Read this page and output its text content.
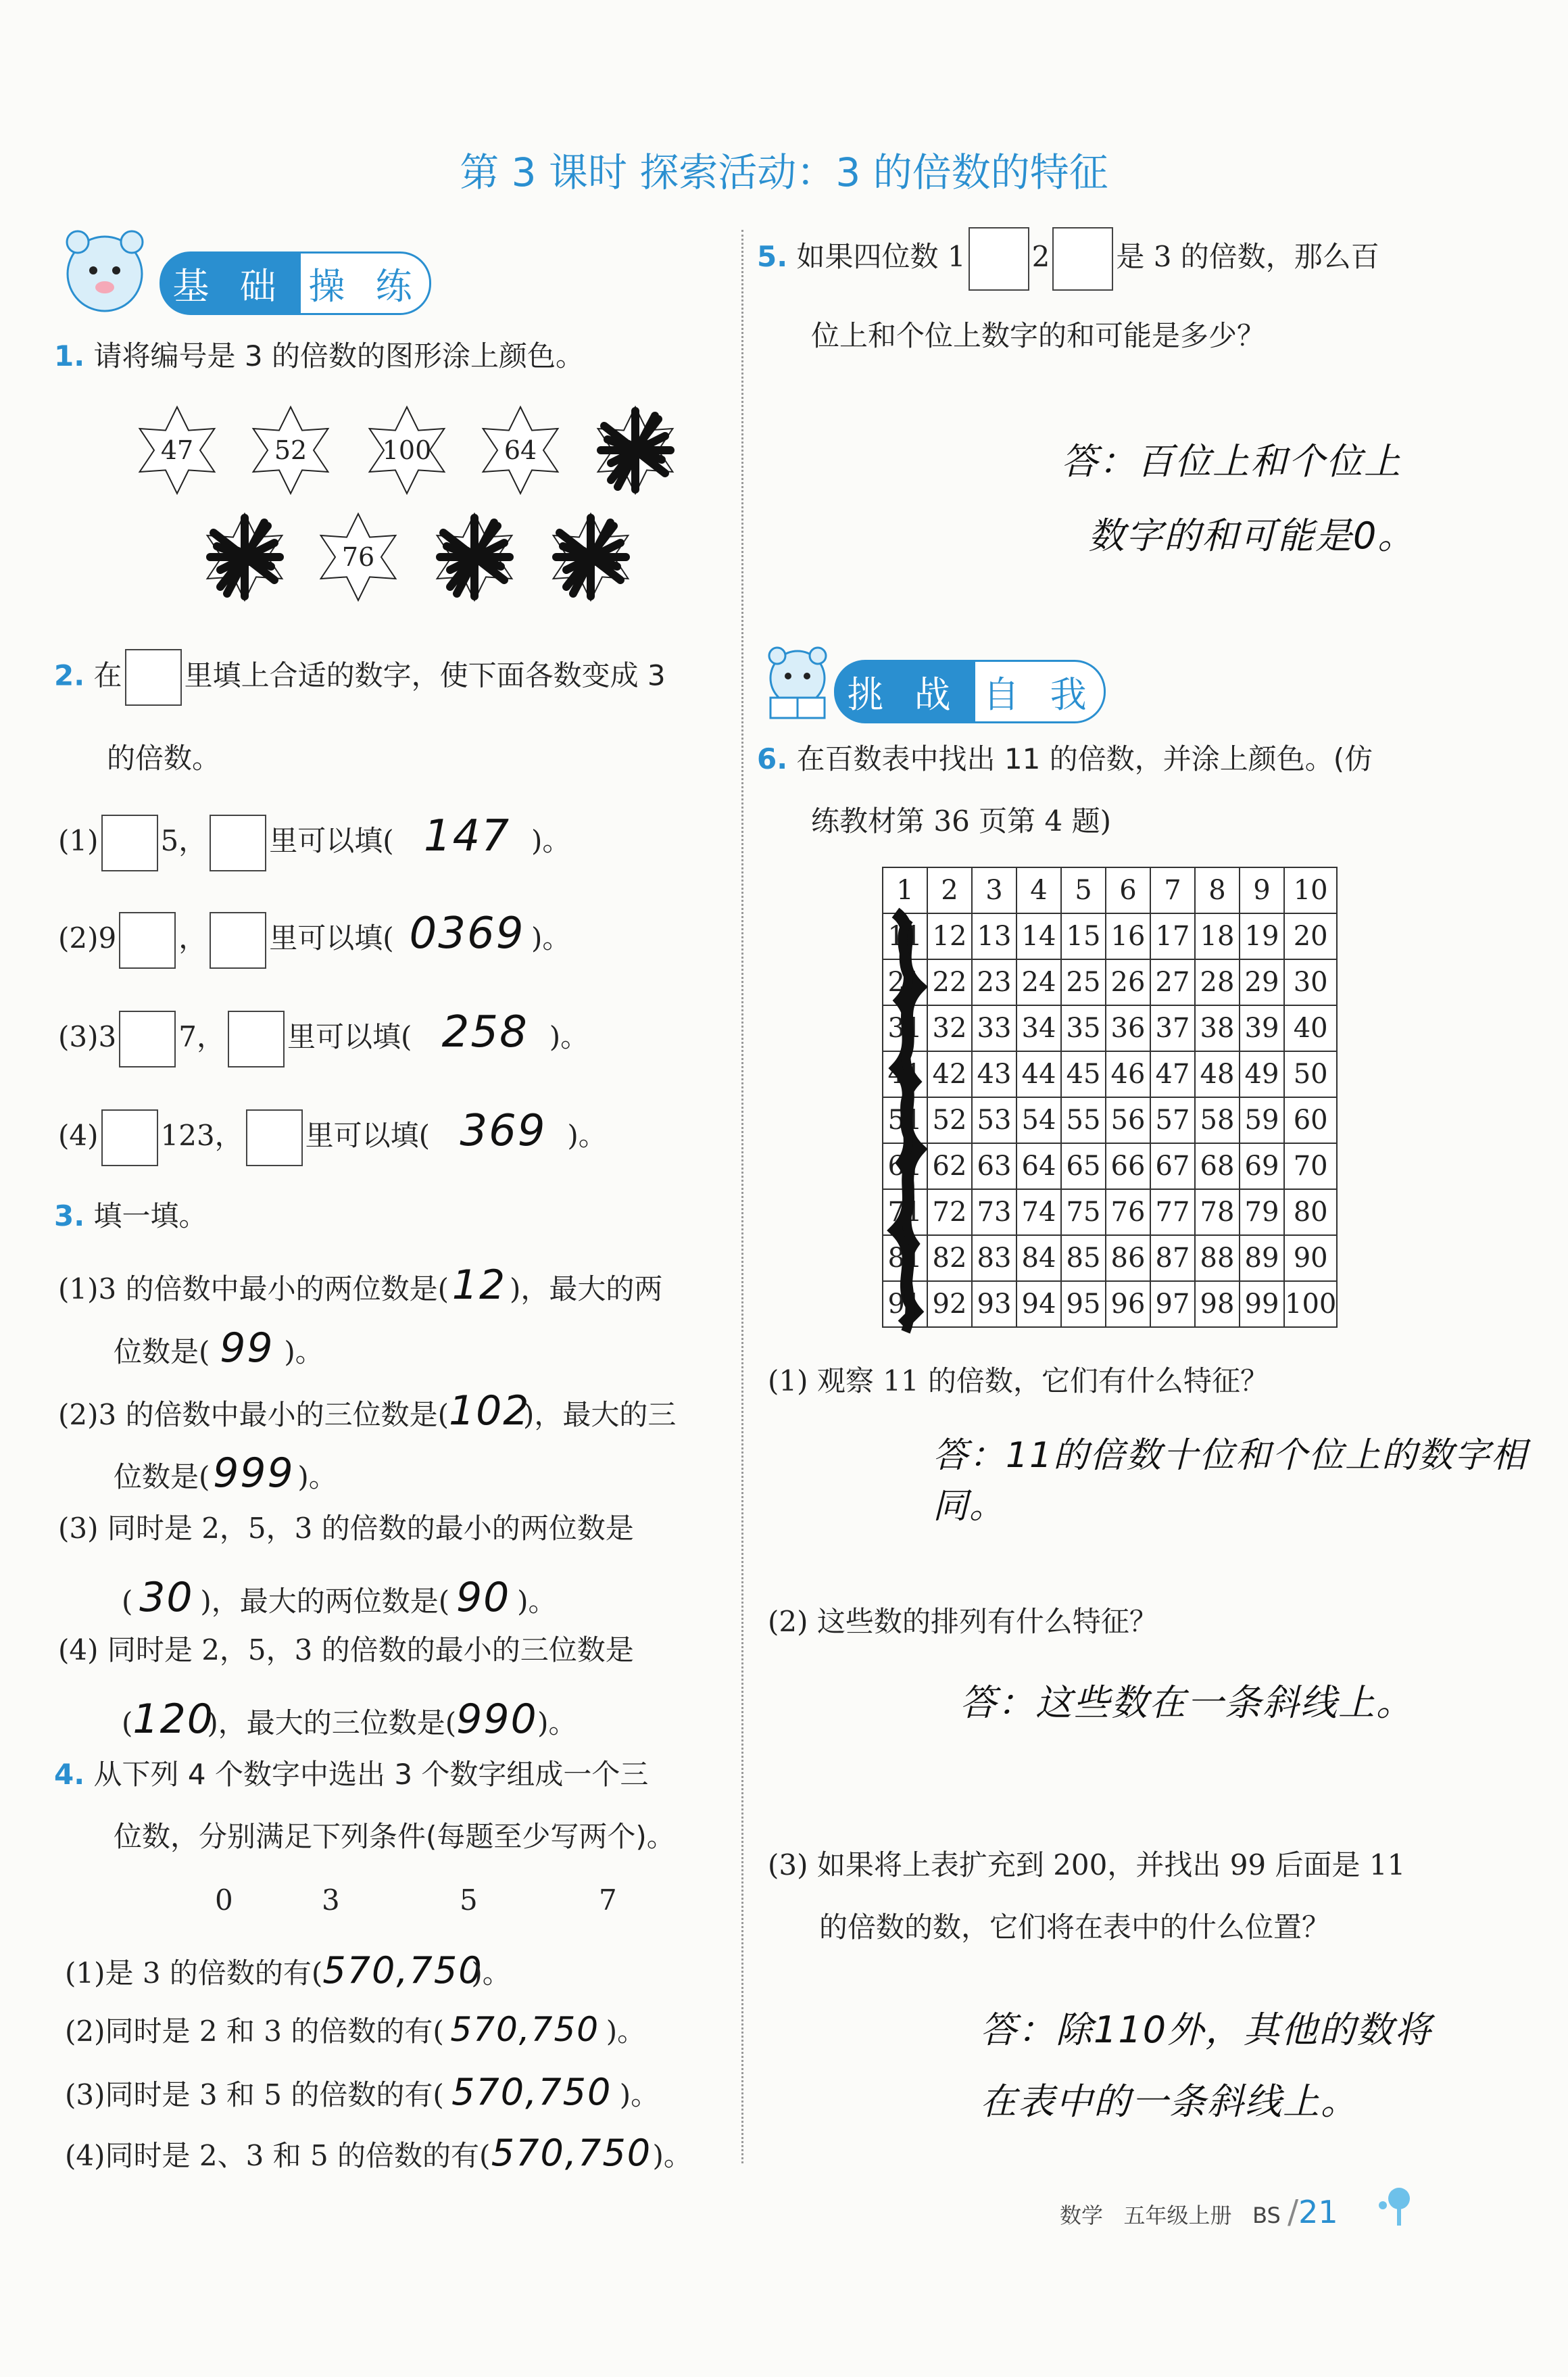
第 3 课时 探索活动：3 的倍数的特征
基 础 操 练
1. 请将编号是 3 的倍数的图形涂上颜色。
47	52	100	64
76
2. 在 里填上合适的数字，使下面各数变成 3
的倍数。
(1) 5， 里可以填( 147 )。
(2)9 ， 里可以填( 0369 )。
(3)3 7， 里可以填( 258 )。
(4) 123， 里可以填( 369 )。
3. 填一填。
(1)3 的倍数中最小的两位数是(12 )，最大的两
位数是( 99 )。
(2)3 的倍数中最小的三位数是(102)，最大的三
位数是(999 )。
(3) 同时是 2，5，3 的倍数的最小的两位数是
( 30 )，最大的两位数是( 90 )。
(4) 同时是 2，5，3 的倍数的最小的三位数是
(120)，最大的三位数是(990)。
4. 从下列 4 个数字中选出 3 个数字组成一个三
位数，分别满足下列条件(每题至少写两个)。
0	3	5	7
(1)是 3 的倍数的有(570,750)。
(2)同时是 2 和 3 的倍数的有( 570,750 )。
(3)同时是 3 和 5 的倍数的有( 570,750 )。
(4)同时是 2、3 和 5 的倍数的有(570,750)。
5. 如果四位数 1 2 是 3 的倍数，那么百
位上和个位上数字的和可能是多少？
答：百位上和个位上
数字的和可能是0。
挑 战 自 我
6. 在百数表中找出 11 的倍数，并涂上颜色。(仿
练教材第 36 页第 4 题)
1	2	3	4	5	6	7	8	9	10
11	12	13	14	15	16	17	18	19	20
21	22	23	24	25	26	27	28	29	30
31	32	33	34	35	36	37	38	39	40
41	42	43	44	45	46	47	48	49	50
51	52	53	54	55	56	57	58	59	60
61	62	63	64	65	66	67	68	69	70
71	72	73	74	75	76	77	78	79	80
81	82	83	84	85	86	87	88	89	90
91	92	93	94	95	96	97	98	99	100
(1) 观察 11 的倍数，它们有什么特征？
答：11的倍数十位和个位上的数字相同。
(2) 这些数的排列有什么特征？
答：这些数在一条斜线上。
(3) 如果将上表扩充到 200，并找出 99 后面是 11
的倍数的数，它们将在表中的什么位置？
答：除110外，其他的数将
在表中的一条斜线上。
数学 五年级上册 BS /21
